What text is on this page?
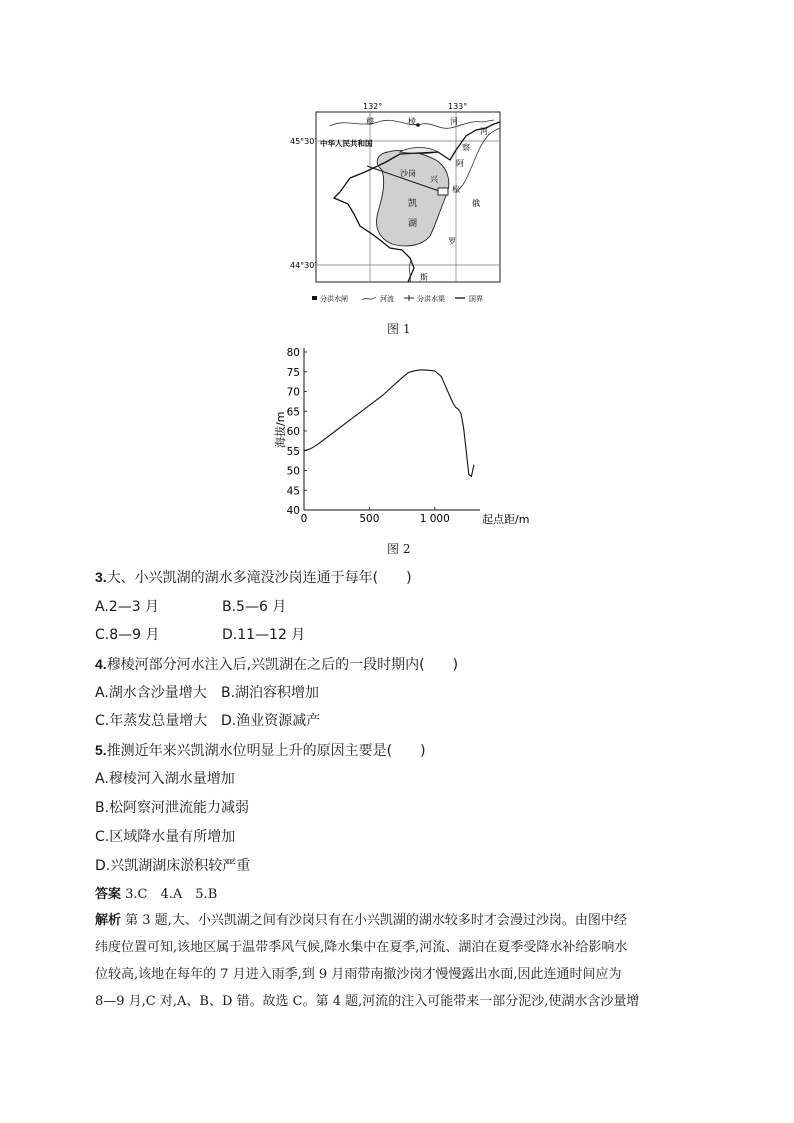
132°	133°
45°30′
44°30′
中华人民共和国
穆	棱	河
河
松
阿
察
沙岗
兴
凯
湖
俄
罗
斯
分洪水闸	河流	分洪水渠	国界
图 1
40
45
50
55
60
65
70
75
80
0	500	1 000	起点距/m
海拔/m
图 2
3.大、小兴凯湖的湖水多滝没沙岗连通于每年(　　)
A.2—3 月	B.5—6 月
C.8—9 月	D.11—12 月
4.穆棱河部分河水注入后,兴凯湖在之后的一段时期内(　　)
A.湖水含沙量增大 B.湖泊容积增加
C.年蒸发总量增大 D.渔业资源减产
5.推测近年来兴凯湖水位明显上升的原因主要是(　　)
A.穆棱河入湖水量增加
B.松阿察河泄流能力减弱
C.区域降水量有所增加
D.兴凯湖湖床淤积较严重
答案 3.C　4.A　5.B
解析 第 3 题,大、小兴凯湖之间有沙岗只有在小兴凯湖的湖水较多时才会漫过沙岗。由图中经
纬度位置可知,该地区属于温带季风气候,降水集中在夏季,河流、湖泊在夏季受降水补给影响水
位较高,该地在每年的 7 月进入雨季,到 9 月雨带南撤沙岗才慢慢露出水面,因此连通时间应为
8—9 月,C 对,A、B、D 错。故选 C。第 4 题,河流的注入可能带来一部分泥沙,使湖水含沙量增
